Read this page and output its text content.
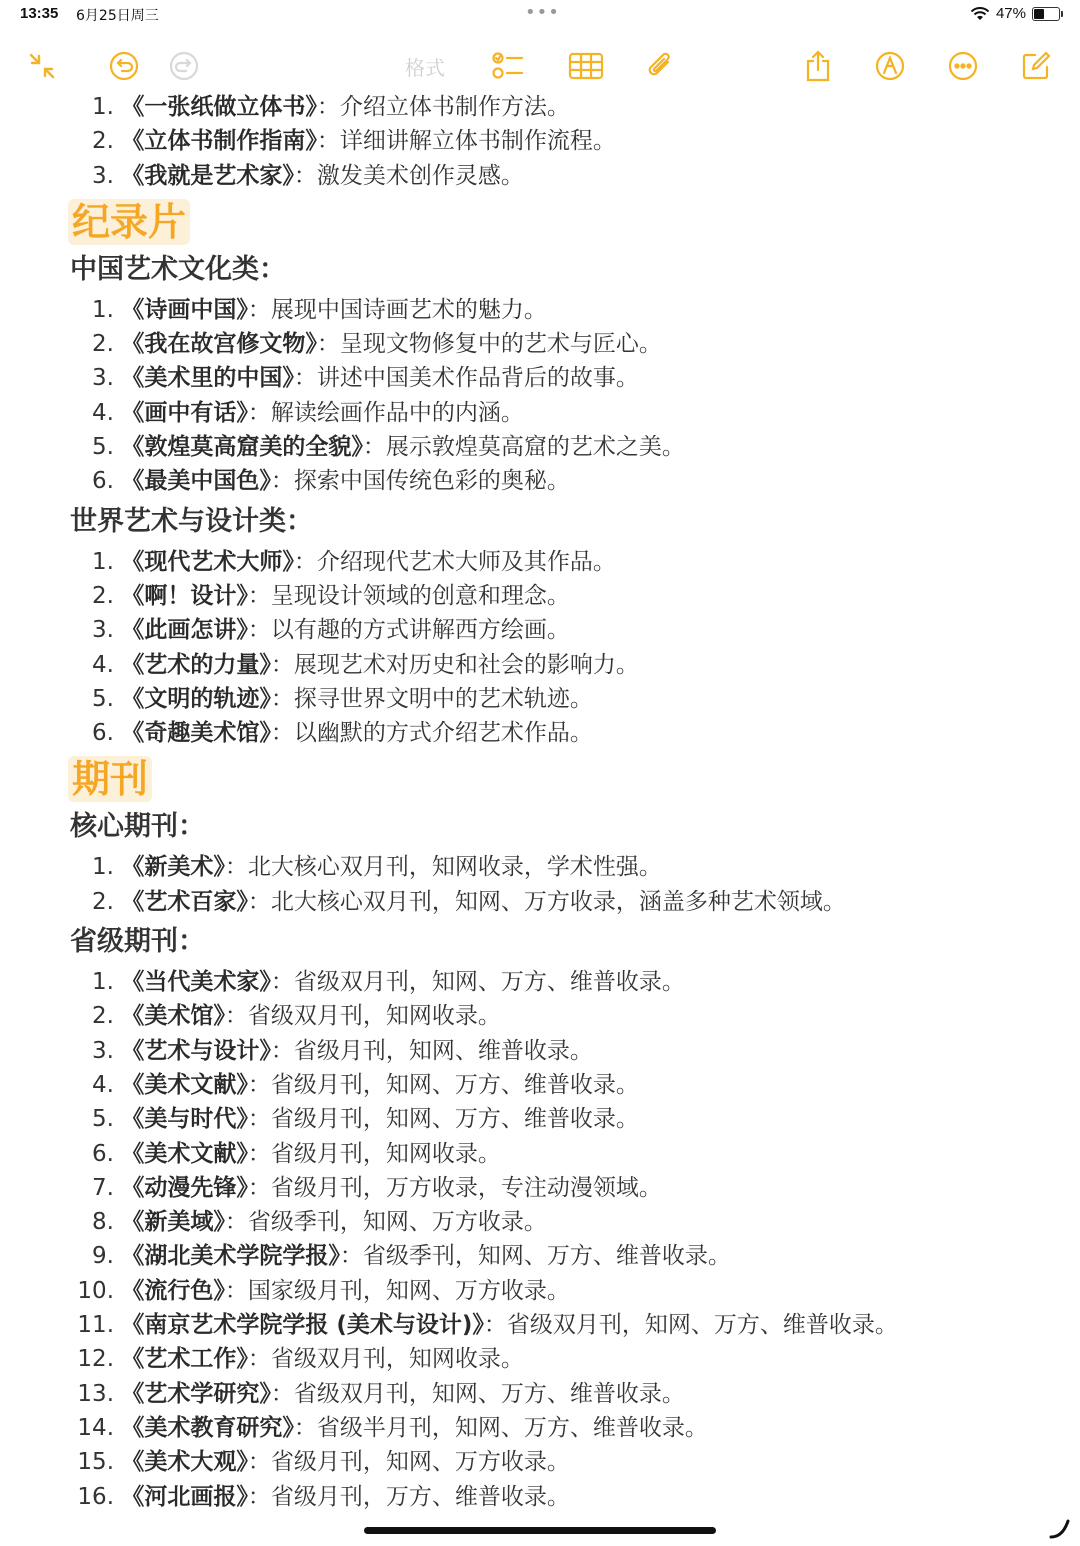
13:35 6月25日周三	•••	47%
格式
1. 《一张纸做立体书》：介绍立体书制作方法。
2. 《立体书制作指南》：详细讲解立体书制作流程。
3. 《我就是艺术家》：激发美术创作灵感。
纪录片
中国艺术文化类：
1. 《诗画中国》：展现中国诗画艺术的魅力。
2. 《我在故宫修文物》：呈现文物修复中的艺术与匠心。
3. 《美术里的中国》：讲述中国美术作品背后的故事。
4. 《画中有话》：解读绘画作品中的内涵。
5. 《敦煌莫高窟美的全貌》：展示敦煌莫高窟的艺术之美。
6. 《最美中国色》：探索中国传统色彩的奥秘。
世界艺术与设计类：
1. 《现代艺术大师》：介绍现代艺术大师及其作品。
2. 《啊！设计》：呈现设计领域的创意和理念。
3. 《此画怎讲》：以有趣的方式讲解西方绘画。
4. 《艺术的力量》：展现艺术对历史和社会的影响力。
5. 《文明的轨迹》：探寻世界文明中的艺术轨迹。
6. 《奇趣美术馆》：以幽默的方式介绍艺术作品。
期刊
核心期刊：
1. 《新美术》：北大核心双月刊，知网收录，学术性强。
2. 《艺术百家》：北大核心双月刊，知网、万方收录，涵盖多种艺术领域。
省级期刊：
1. 《当代美术家》：省级双月刊，知网、万方、维普收录。
2. 《美术馆》：省级双月刊，知网收录。
3. 《艺术与设计》：省级月刊，知网、维普收录。
4. 《美术文献》：省级月刊，知网、万方、维普收录。
5. 《美与时代》：省级月刊，知网、万方、维普收录。
6. 《美术文献》：省级月刊，知网收录。
7. 《动漫先锋》：省级月刊，万方收录，专注动漫领域。
8. 《新美域》：省级季刊，知网、万方收录。
9. 《湖北美术学院学报》：省级季刊，知网、万方、维普收录。
10. 《流行色》：国家级月刊，知网、万方收录。
11. 《南京艺术学院学报 (美术与设计)》：省级双月刊，知网、万方、维普收录。
12. 《艺术工作》：省级双月刊，知网收录。
13. 《艺术学研究》：省级双月刊，知网、万方、维普收录。
14. 《美术教育研究》：省级半月刊，知网、万方、维普收录。
15. 《美术大观》：省级月刊，知网、万方收录。
16. 《河北画报》：省级月刊，万方、维普收录。
